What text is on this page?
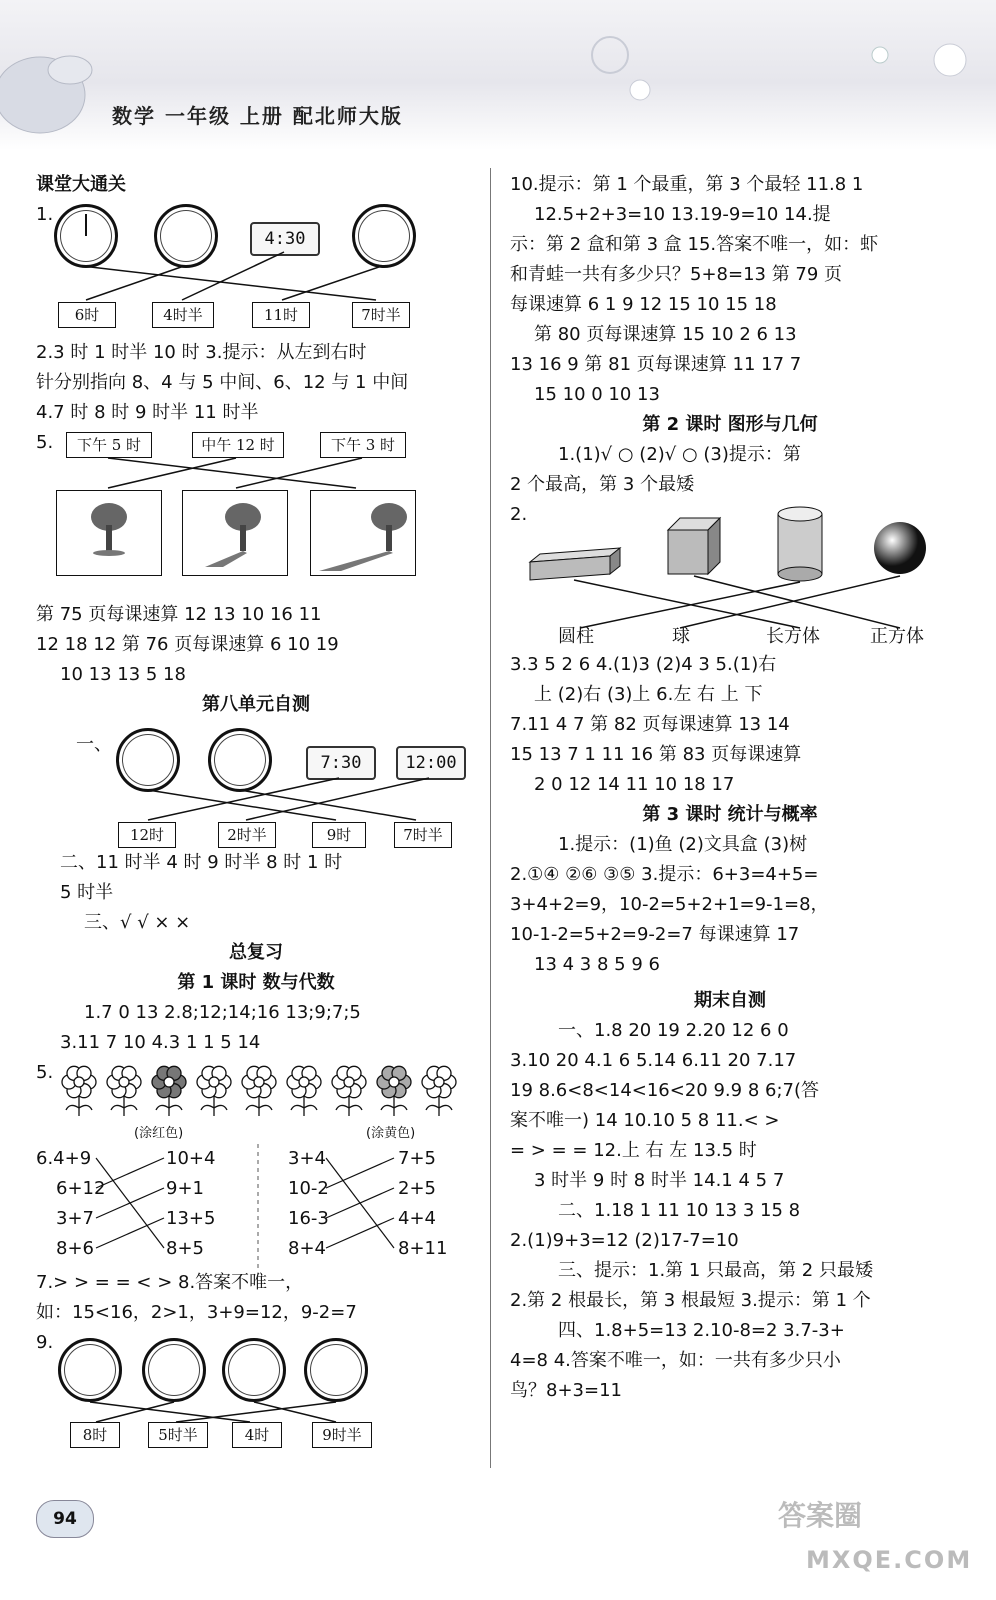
数学 一年级 上册 配北师大版
课堂大通关
1.
4:30
6时	4时半	11时	7时半
2.3 时 1 时半 10 时 3.提示：从左到右时
针分别指向 8、4 与 5 中间、6、12 与 1 中间
4.7 时 8 时 9 时半 11 时半
5.	下午 5 时	中午 12 时	下午 3 时
第 75 页每课速算 12 13 10 16 11
12 18 12 第 76 页每课速算 6 10 19
10 13 13 5 18
第八单元自测
一、
7:30	12:00
12时	2时半	9时	7时半
二、11 时半 4 时 9 时半 8 时 1 时
5 时半
三、√ √ × ×
总复习
第 1 课时 数与代数
1.7 0 13 2.8;12;14;16 13;9;7;5
3.11 7 10 4.3 1 1 5 14
5.
(涂红色)	(涂黄色)
6.4+9
6+12
3+7
8+6
10+4
9+1
13+5
8+5
3+4
10-2
16-3
8+4
7+5
2+5
4+4
8+11
7.> > = = < > 8.答案不唯一，
如：15<16，2>1，3+9=12，9-2=7
9.
8时	5时半	4时	9时半
10.提示：第 1 个最重，第 3 个最轻 11.8 1
12.5+2+3=10 13.19-9=10 14.提
示：第 2 盒和第 3 盒 15.答案不唯一，如：虾
和青蛙一共有多少只？5+8=13 第 79 页
每课速算 6 1 9 12 15 10 15 18
第 80 页每课速算 15 10 2 6 13
13 16 9 第 81 页每课速算 11 17 7
15 10 0 10 13
第 2 课时 图形与几何
1.(1)√ ○ (2)√ ○ (3)提示：第
2 个最高，第 3 个最矮
2.
圆柱	球	长方体	正方体
3.3 5 2 6 4.(1)3 (2)4 3 5.(1)右
上 (2)右 (3)上 6.左 右 上 下
7.11 4 7 第 82 页每课速算 13 14
15 13 7 1 11 16 第 83 页每课速算
2 0 12 14 11 10 18 17
第 3 课时 统计与概率
1.提示：(1)鱼 (2)文具盒 (3)树
2.①④ ②⑥ ③⑤ 3.提示：6+3=4+5=
3+4+2=9，10-2=5+2+1=9-1=8，
10-1-2=5+2=9-2=7 每课速算 17
13 4 3 8 5 9 6
期末自测
一、1.8 20 19 2.20 12 6 0
3.10 20 4.1 6 5.14 6.11 20 7.17
19 8.6<8<14<16<20 9.9 8 6;7(答
案不唯一) 14 10.10 5 8 11.< >
= > = = 12.上 右 左 13.5 时
3 时半 9 时 8 时半 14.1 4 5 7
二、1.18 1 11 10 13 3 15 8
2.(1)9+3=12 (2)17-7=10
三、提示：1.第 1 只最高，第 2 只最矮
2.第 2 根最长，第 3 根最短 3.提示：第 1 个
四、1.8+5=13 2.10-8=2 3.7-3+
4=8 4.答案不唯一，如：一共有多少只小
鸟？8+3=11
94	答案圈
MXQE.COM
